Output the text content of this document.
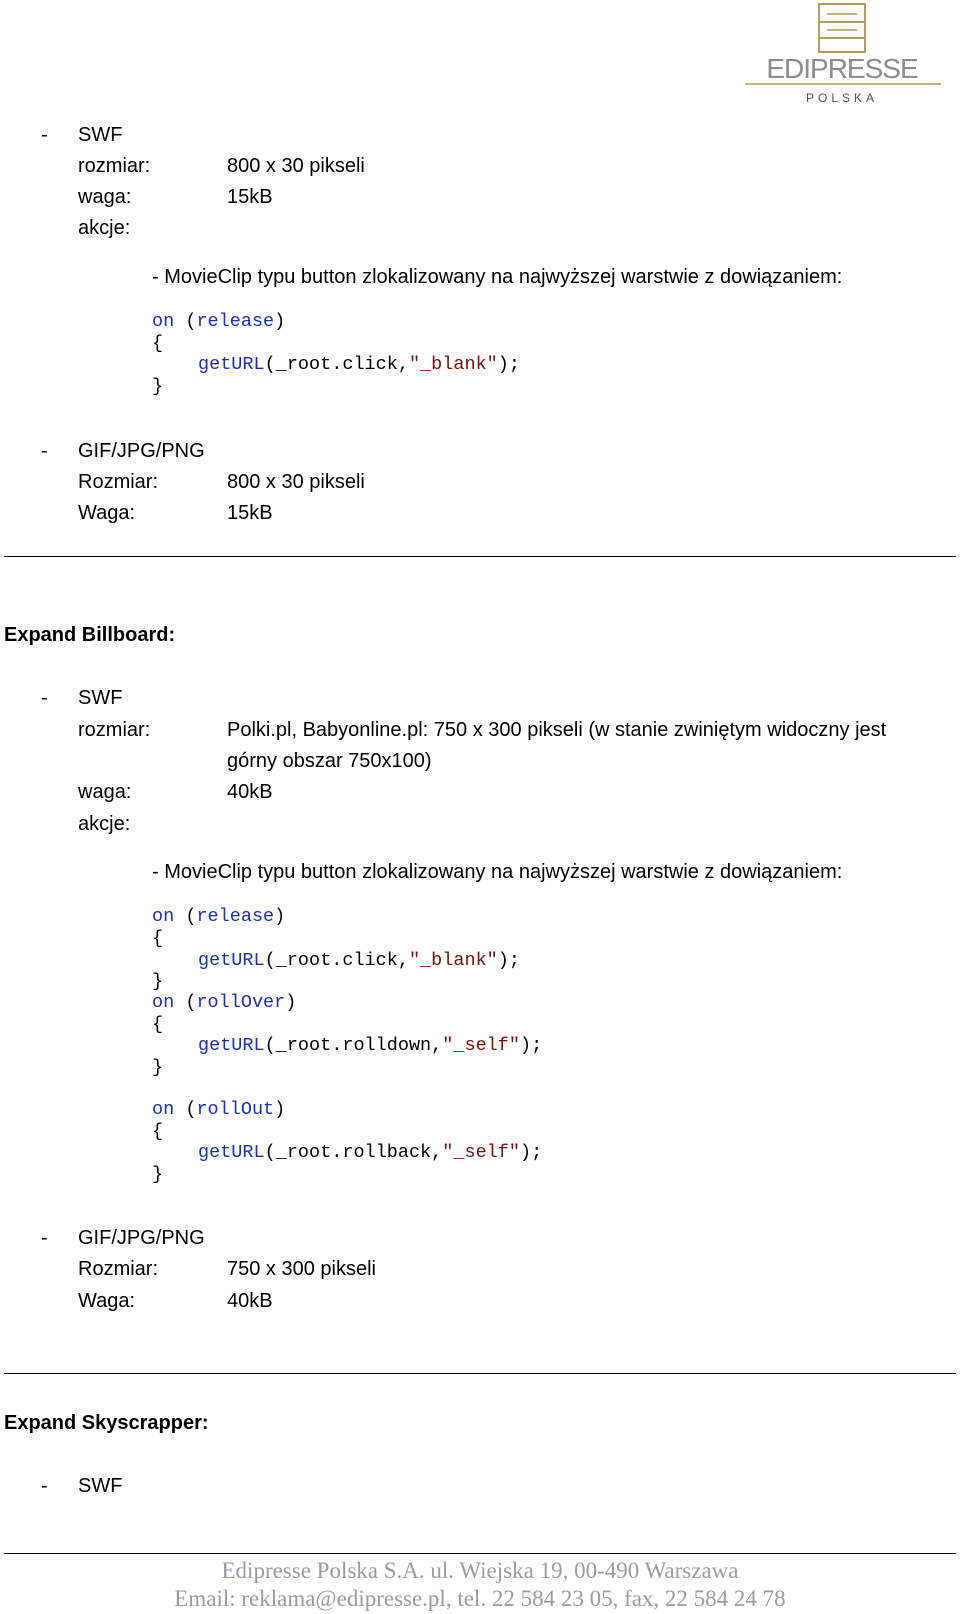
EDIPRESSE
POLSKA
- SWF
rozmiar:	800 x 30 pikseli
waga:	15kB
akcje:
- MovieClip typu button zlokalizowany na najwyższej warstwie z dowiązaniem:
on (release)
{
getURL(_root.click,"_blank");
}
- GIF/JPG/PNG
Rozmiar:	800 x 30 pikseli
Waga:	15kB
Expand Billboard:
- SWF
rozmiar:	Polki.pl, Babyonline.pl: 750 x 300 pikseli (w stanie zwiniętym widoczny jest
górny obszar 750x100)
waga:	40kB
akcje:
- MovieClip typu button zlokalizowany na najwyższej warstwie z dowiązaniem:
on (release)
{
getURL(_root.click,"_blank");
}
on (rollOver)
{
getURL(_root.rolldown,"_self");
}
on (rollOut)
{
getURL(_root.rollback,"_self");
}
- GIF/JPG/PNG
Rozmiar:	750 x 300 pikseli
Waga:	40kB
Expand Skyscrapper:
- SWF
Edipresse Polska S.A. ul. Wiejska 19, 00-490 Warszawa
Email: reklama@edipresse.pl, tel. 22 584 23 05, fax, 22 584 24 78
